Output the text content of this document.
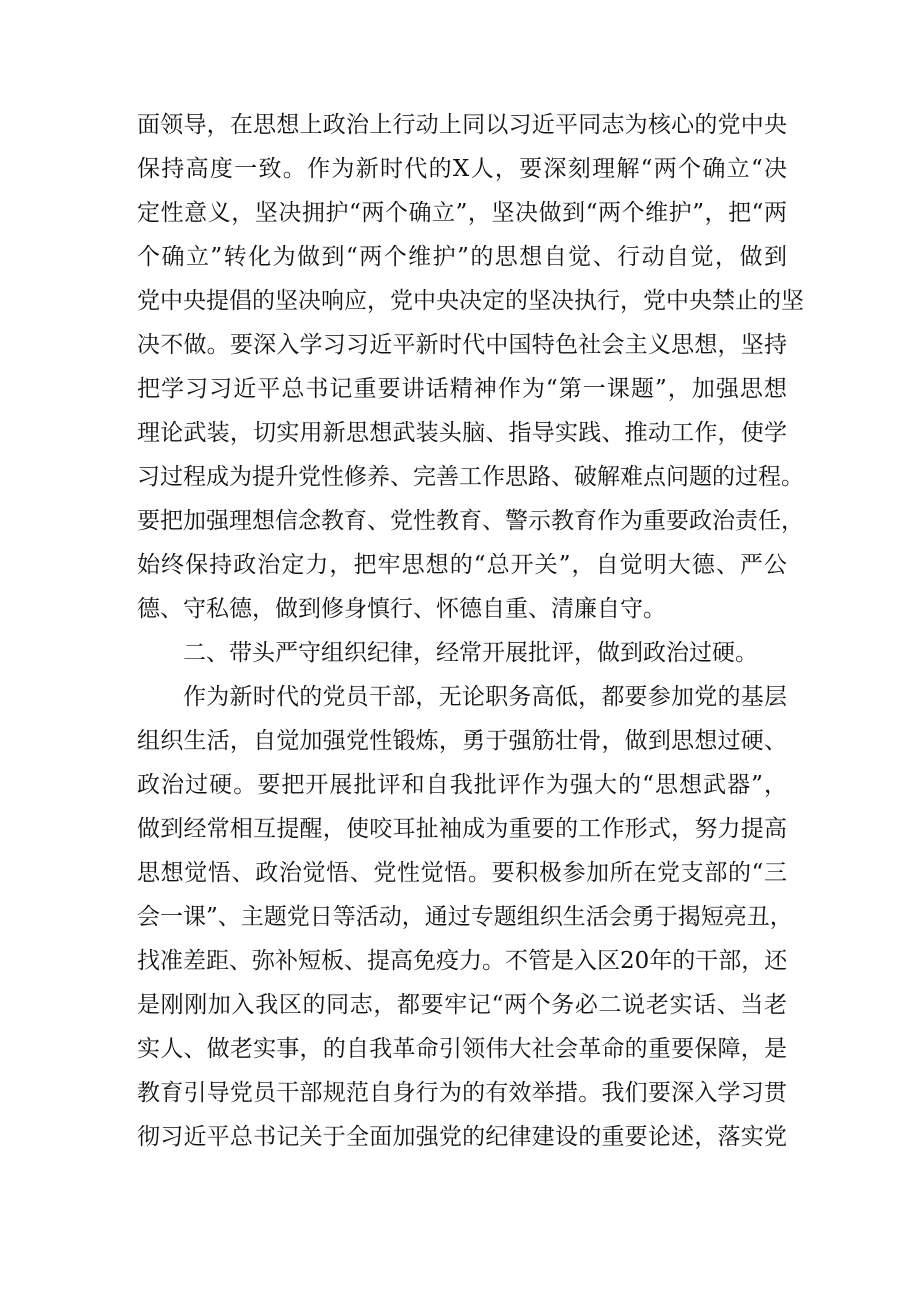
面领导，在思想上政治上行动上同以习近平同志为核心的党中央
保持高度一致。作为新时代的X人，要深刻理解“两个确立“决
定性意义，坚决拥护“两个确立”，坚决做到“两个维护”，把“两
个确立”转化为做到“两个维护”的思想自觉、行动自觉，做到
党中央提倡的坚决响应，党中央决定的坚决执行，党中央禁止的坚
决不做。要深入学习习近平新时代中国特色社会主义思想，坚持
把学习习近平总书记重要讲话精神作为“第一课题”，加强思想
理论武装，切实用新思想武装头脑、指导实践、推动工作，使学
习过程成为提升党性修养、完善工作思路、破解难点问题的过程。
要把加强理想信念教育、党性教育、警示教育作为重要政治责任，
始终保持政治定力，把牢思想的“总开关”，自觉明大德、严公
德、守私德，做到修身慎行、怀德自重、清廉自守。
二、带头严守组织纪律，经常开展批评，做到政治过硬。
作为新时代的党员干部，无论职务高低，都要参加党的基层
组织生活，自觉加强党性锻炼，勇于强筋壮骨，做到思想过硬、
政治过硬。要把开展批评和自我批评作为强大的“思想武器”，
做到经常相互提醒，使咬耳扯袖成为重要的工作形式，努力提高
思想觉悟、政治觉悟、党性觉悟。要积极参加所在党支部的“三
会一课”、主题党日等活动，通过专题组织生活会勇于揭短亮丑，
找准差距、弥补短板、提高免疫力。不管是入区20年的干部，还
是刚刚加入我区的同志，都要牢记“两个务必二说老实话、当老
实人、做老实事，的自我革命引领伟大社会革命的重要保障，是
教育引导党员干部规范自身行为的有效举措。我们要深入学习贯
彻习近平总书记关于全面加强党的纪律建设的重要论述，落实党
